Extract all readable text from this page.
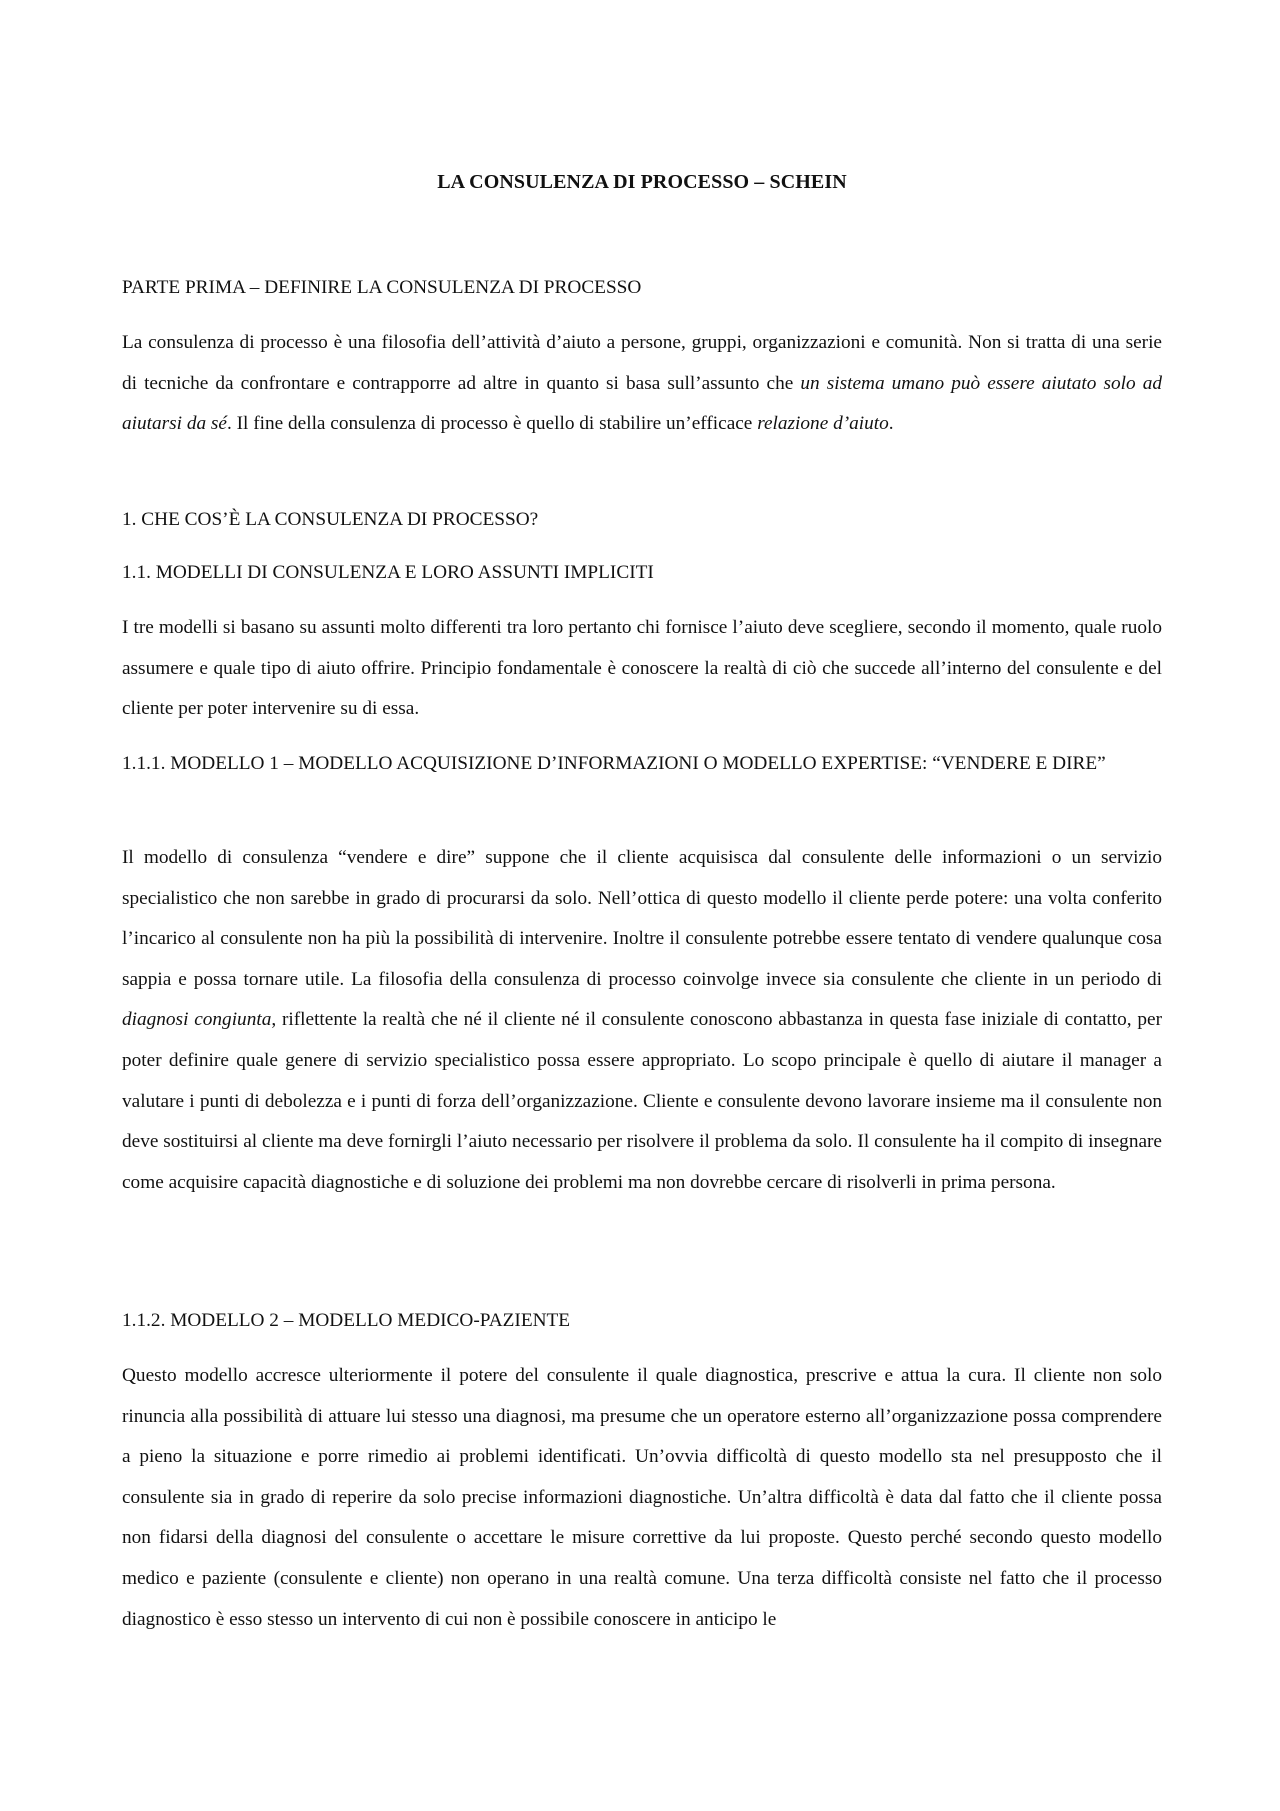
LA CONSULENZA DI PROCESSO – SCHEIN
PARTE PRIMA – DEFINIRE LA CONSULENZA DI PROCESSO
La consulenza di processo è una filosofia dell’attività d’aiuto a persone, gruppi, organizzazioni e comunità. Non si tratta di una serie di tecniche da confrontare e contrapporre ad altre in quanto si basa sull’assunto che un sistema umano può essere aiutato solo ad aiutarsi da sé. Il fine della consulenza di processo è quello di stabilire un’efficace relazione d’aiuto.
1. CHE COS’È LA CONSULENZA DI PROCESSO?
1.1. MODELLI DI CONSULENZA E LORO ASSUNTI IMPLICITI
I tre modelli si basano su assunti molto differenti tra loro pertanto chi fornisce l’aiuto deve scegliere, secondo il momento, quale ruolo assumere e quale tipo di aiuto offrire. Principio fondamentale è conoscere la realtà di ciò che succede all’interno del consulente e del cliente per poter intervenire su di essa.
1.1.1. MODELLO 1 – MODELLO ACQUISIZIONE D’INFORMAZIONI O MODELLO EXPERTISE: “VENDERE E DIRE”
Il modello di consulenza “vendere e dire” suppone che il cliente acquisisca dal consulente delle informazioni o un servizio specialistico che non sarebbe in grado di procurarsi da solo. Nell’ottica di questo modello il cliente perde potere: una volta conferito l’incarico al consulente non ha più la possibilità di intervenire. Inoltre il consulente potrebbe essere tentato di vendere qualunque cosa sappia e possa tornare utile. La filosofia della consulenza di processo coinvolge invece sia consulente che cliente in un periodo di diagnosi congiunta, riflettente la realtà che né il cliente né il consulente conoscono abbastanza in questa fase iniziale di contatto, per poter definire quale genere di servizio specialistico possa essere appropriato. Lo scopo principale è quello di aiutare il manager a valutare i punti di debolezza e i punti di forza dell’organizzazione. Cliente e consulente devono lavorare insieme ma il consulente non deve sostituirsi al cliente ma deve fornirgli l’aiuto necessario per risolvere il problema da solo. Il consulente ha il compito di insegnare come acquisire capacità diagnostiche e di soluzione dei problemi ma non dovrebbe cercare di risolverli in prima persona.
1.1.2. MODELLO 2 – MODELLO MEDICO-PAZIENTE
Questo modello accresce ulteriormente il potere del consulente il quale diagnostica, prescrive e attua la cura. Il cliente non solo rinuncia alla possibilità di attuare lui stesso una diagnosi, ma presume che un operatore esterno all’organizzazione possa comprendere a pieno la situazione e porre rimedio ai problemi identificati. Un’ovvia difficoltà di questo modello sta nel presupposto che il consulente sia in grado di reperire da solo precise informazioni diagnostiche. Un’altra difficoltà è data dal fatto che il cliente possa non fidarsi della diagnosi del consulente o accettare le misure correttive da lui proposte. Questo perché secondo questo modello medico e paziente (consulente e cliente) non operano in una realtà comune. Una terza difficoltà consiste nel fatto che il processo diagnostico è esso stesso un intervento di cui non è possibile conoscere in anticipo le
